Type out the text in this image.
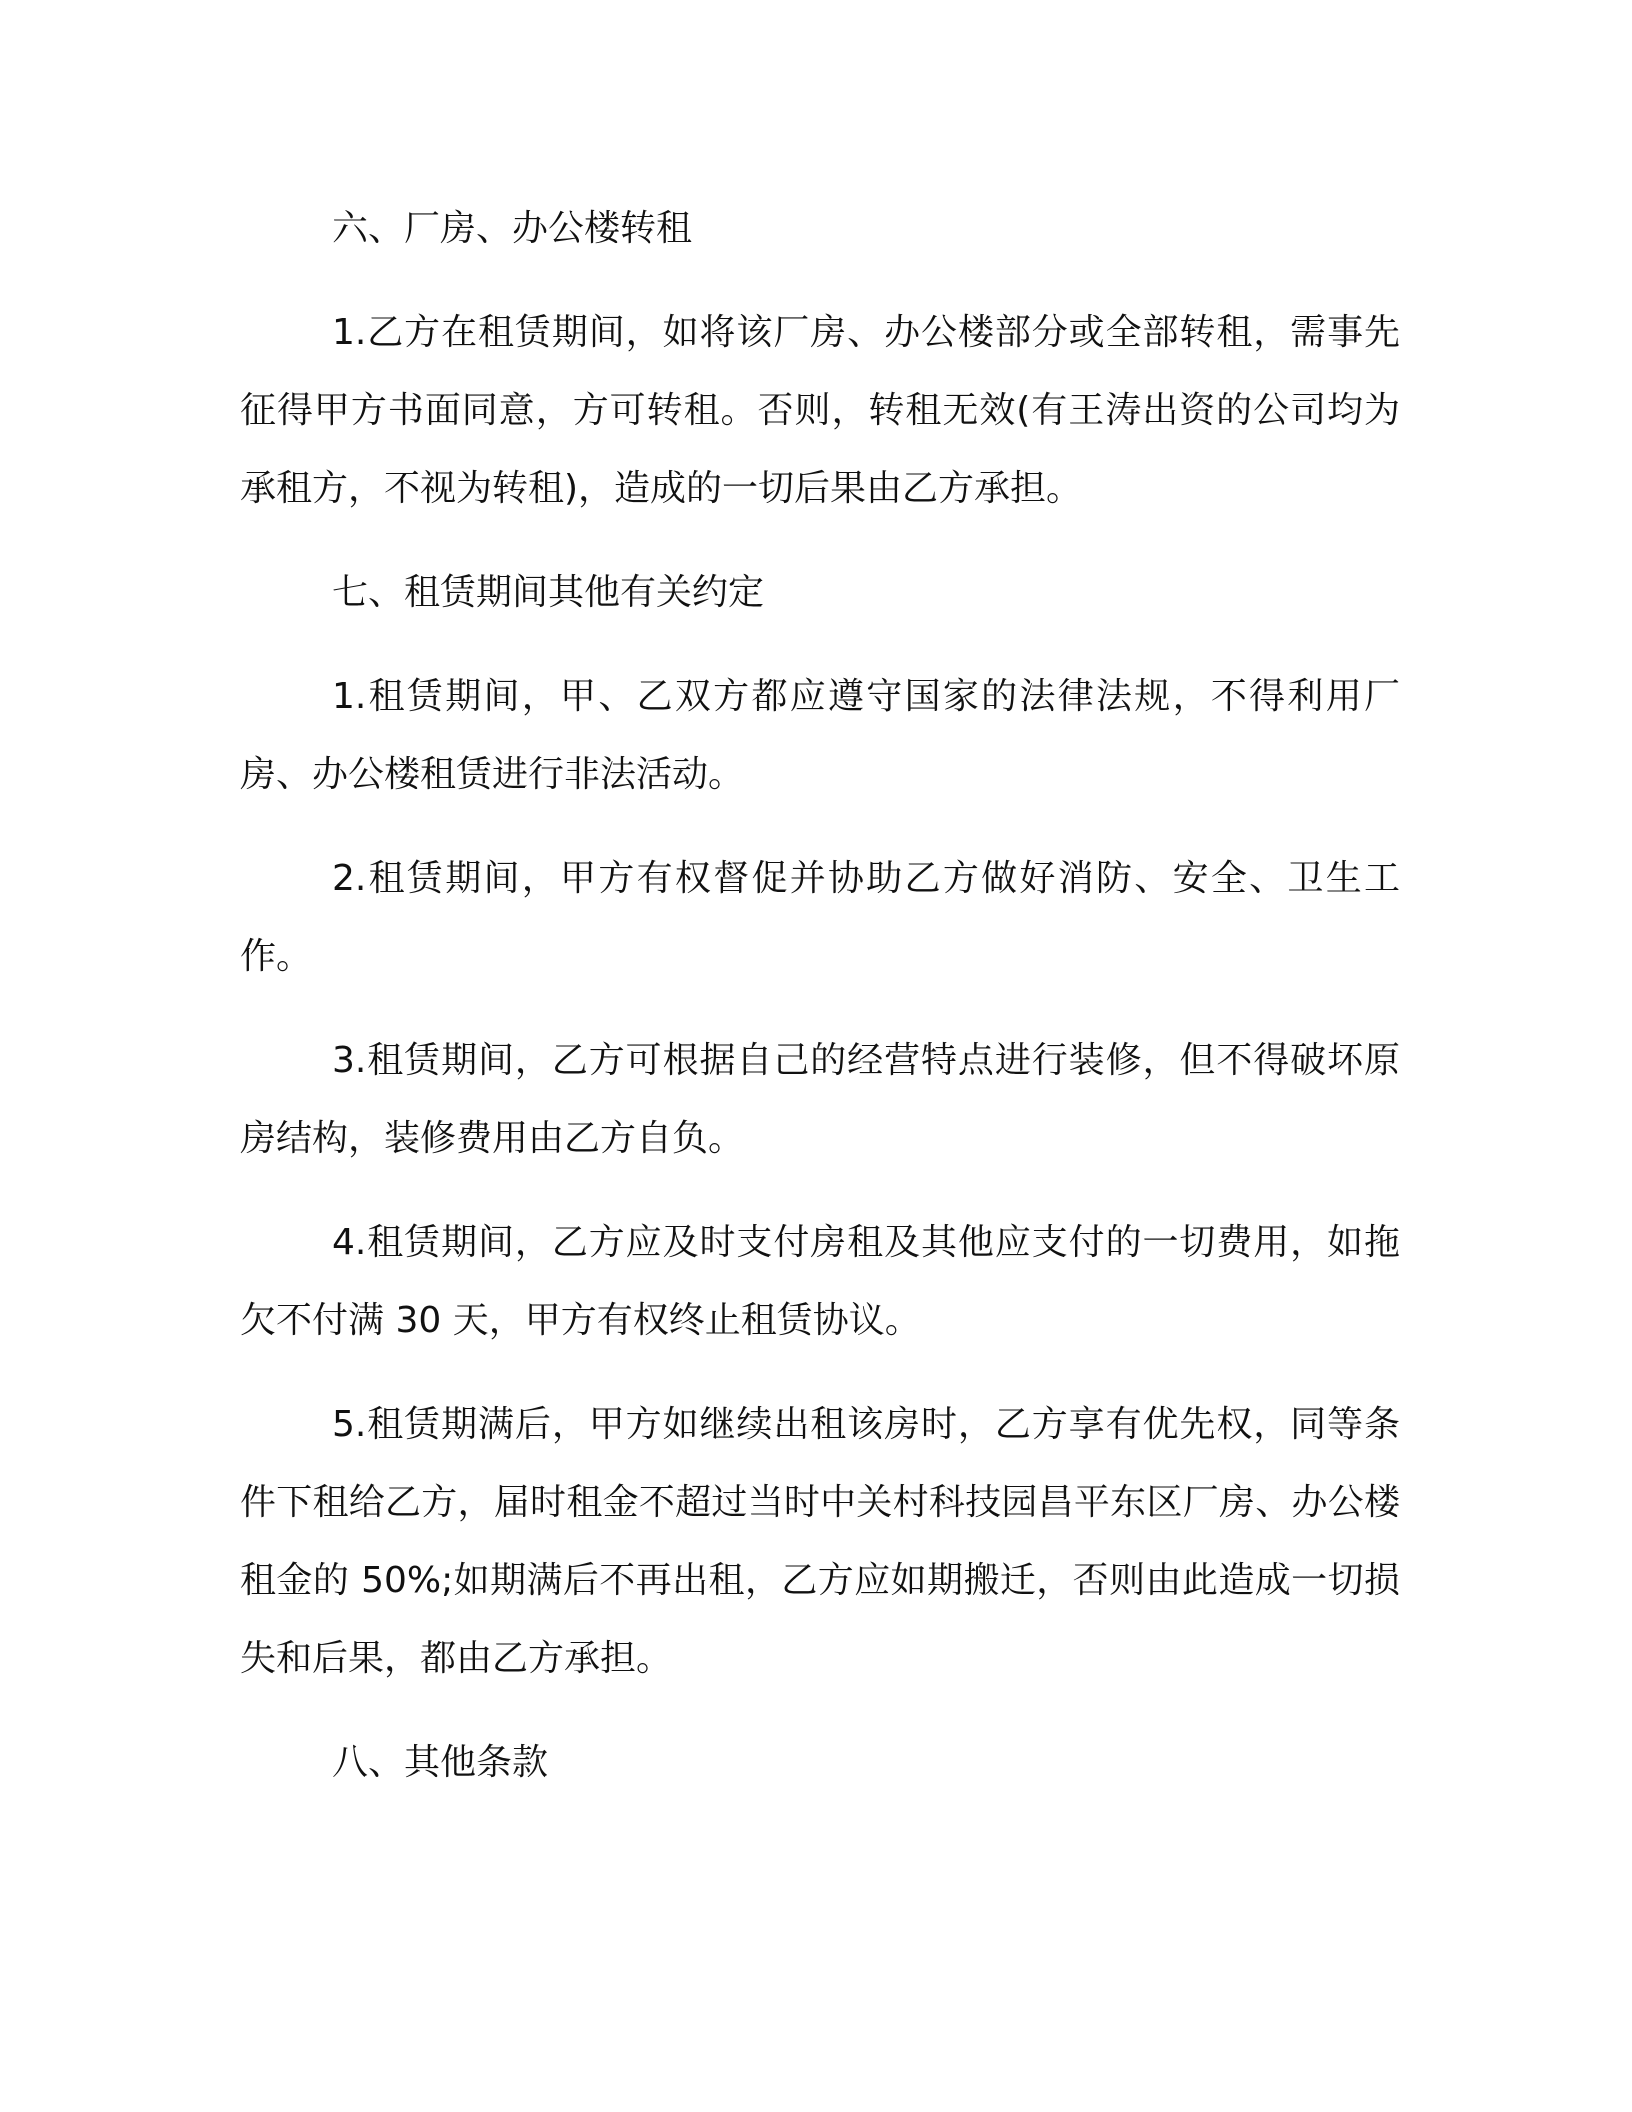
六、厂房、办公楼转租

1.乙方在租赁期间，如将该厂房、办公楼部分或全部转租，需事先征得甲方书面同意，方可转租。否则，转租无效(有王涛出资的公司均为承租方，不视为转租)，造成的一切后果由乙方承担。

七、租赁期间其他有关约定

1.租赁期间，甲、乙双方都应遵守国家的法律法规，不得利用厂房、办公楼租赁进行非法活动。

2.租赁期间，甲方有权督促并协助乙方做好消防、安全、卫生工作。

3.租赁期间，乙方可根据自己的经营特点进行装修，但不得破坏原房结构，装修费用由乙方自负。

4.租赁期间，乙方应及时支付房租及其他应支付的一切费用，如拖欠不付满 30 天，甲方有权终止租赁协议。

5.租赁期满后，甲方如继续出租该房时，乙方享有优先权，同等条件下租给乙方，届时租金不超过当时中关村科技园昌平东区厂房、办公楼租金的 50%;如期满后不再出租，乙方应如期搬迁，否则由此造成一切损失和后果，都由乙方承担。

八、其他条款
